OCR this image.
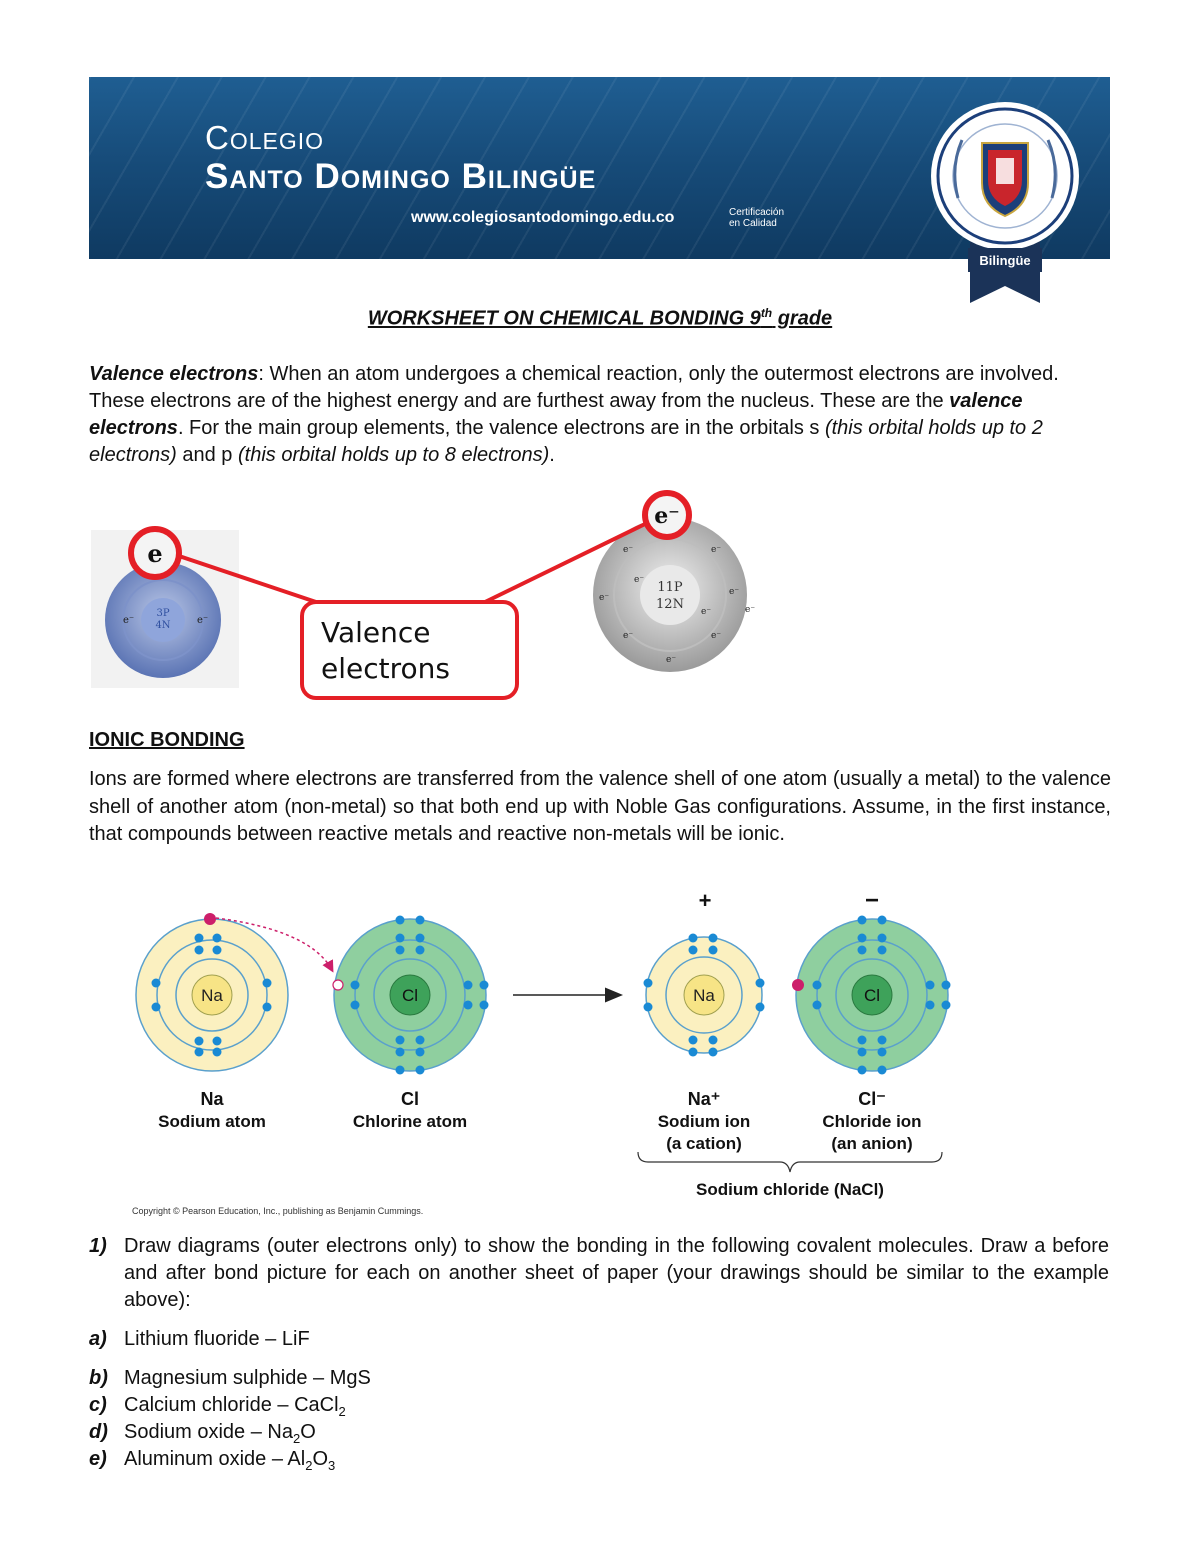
Colegio
Santo Domingo Bilingüe
www.colegiosantodomingo.edu.co	Certificación
en Calidad
Bilingüe
WORKSHEET ON CHEMICAL BONDING 9th grade
Valence electrons: When an atom undergoes a chemical reaction, only the outermost electrons are involved. These electrons are of the highest energy and are furthest away from the nucleus. These are the valence electrons. For the main group elements, the valence electrons are in the orbitals s (this orbital holds up to 2 electrons) and p (this orbital holds up to 8 electrons).
3P
4N
e⁻	e⁻
e
11P
12N
e⁻	e⁻
e⁻
e⁻
e⁻	e⁻
e⁻
e⁻
e⁻	e⁻
e⁻
Valence
electrons
IONIC BONDING
Ions are formed where electrons are transferred from the valence shell of one atom (usually a metal) to the valence shell of another atom (non-metal) so that both end up with Noble Gas configurations. Assume, in the first instance, that compounds between reactive metals and reactive non-metals will be ionic.
Na	Cl
+
Na
−
Cl
Na
Sodium atom
Cl
Chlorine atom
Na⁺
Sodium ion
(a cation)
Cl⁻
Chloride ion
(an anion)
Sodium chloride (NaCl)
Copyright © Pearson Education, Inc., publishing as Benjamin Cummings.
1) Draw diagrams (outer electrons only) to show the bonding in the following covalent molecules. Draw a before and after bond picture for each on another sheet of paper (your drawings should be similar to the example above):
a) Lithium fluoride – LiF
b) Magnesium sulphide – MgS
c) Calcium chloride – CaCl$_2$
d) Sodium oxide – $Na_2O$
e) Aluminum oxide – $Al_2O_3$
